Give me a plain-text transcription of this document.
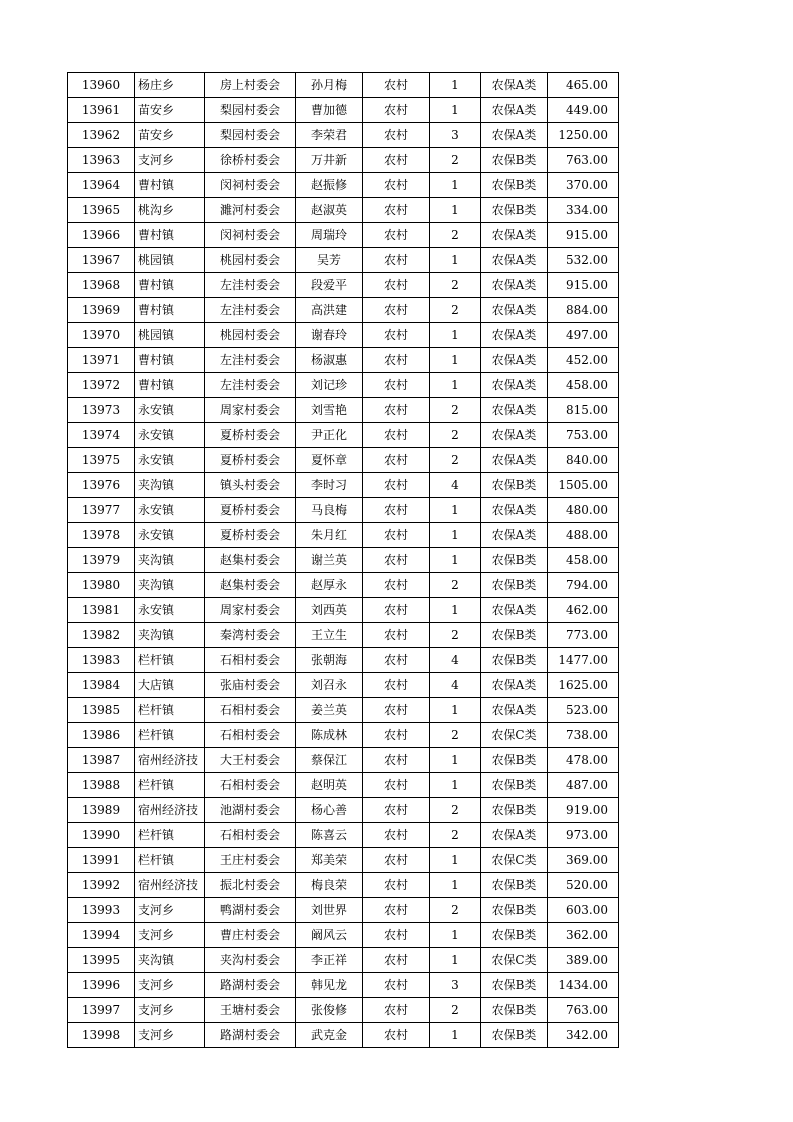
13960	杨庄乡	房上村委会	孙月梅	农村	1	农保A类	465.00
13961	苗安乡	梨园村委会	曹加德	农村	1	农保A类	449.00
13962	苗安乡	梨园村委会	李荣君	农村	3	农保A类	1250.00
13963	支河乡	徐桥村委会	万井新	农村	2	农保B类	763.00
13964	曹村镇	闵祠村委会	赵振修	农村	1	农保B类	370.00
13965	桃沟乡	濉河村委会	赵淑英	农村	1	农保B类	334.00
13966	曹村镇	闵祠村委会	周瑞玲	农村	2	农保A类	915.00
13967	桃园镇	桃园村委会	吴芳	农村	1	农保A类	532.00
13968	曹村镇	左洼村委会	段爱平	农村	2	农保A类	915.00
13969	曹村镇	左洼村委会	高洪建	农村	2	农保A类	884.00
13970	桃园镇	桃园村委会	谢春玲	农村	1	农保A类	497.00
13971	曹村镇	左洼村委会	杨淑惠	农村	1	农保A类	452.00
13972	曹村镇	左洼村委会	刘记珍	农村	1	农保A类	458.00
13973	永安镇	周家村委会	刘雪艳	农村	2	农保A类	815.00
13974	永安镇	夏桥村委会	尹正化	农村	2	农保A类	753.00
13975	永安镇	夏桥村委会	夏怀章	农村	2	农保A类	840.00
13976	夹沟镇	镇头村委会	李时习	农村	4	农保B类	1505.00
13977	永安镇	夏桥村委会	马良梅	农村	1	农保A类	480.00
13978	永安镇	夏桥村委会	朱月红	农村	1	农保A类	488.00
13979	夹沟镇	赵集村委会	谢兰英	农村	1	农保B类	458.00
13980	夹沟镇	赵集村委会	赵厚永	农村	2	农保B类	794.00
13981	永安镇	周家村委会	刘西英	农村	1	农保A类	462.00
13982	夹沟镇	秦湾村委会	王立生	农村	2	农保B类	773.00
13983	栏杆镇	石相村委会	张朝海	农村	4	农保B类	1477.00
13984	大店镇	张庙村委会	刘召永	农村	4	农保A类	1625.00
13985	栏杆镇	石相村委会	姜兰英	农村	1	农保A类	523.00
13986	栏杆镇	石相村委会	陈成林	农村	2	农保C类	738.00
13987	宿州经济技	大王村委会	蔡保江	农村	1	农保B类	478.00
13988	栏杆镇	石相村委会	赵明英	农村	1	农保B类	487.00
13989	宿州经济技	池湖村委会	杨心善	农村	2	农保B类	919.00
13990	栏杆镇	石相村委会	陈喜云	农村	2	农保A类	973.00
13991	栏杆镇	王庄村委会	郑美荣	农村	1	农保C类	369.00
13992	宿州经济技	振北村委会	梅良荣	农村	1	农保B类	520.00
13993	支河乡	鸭湖村委会	刘世界	农村	2	农保B类	603.00
13994	支河乡	曹庄村委会	阚风云	农村	1	农保B类	362.00
13995	夹沟镇	夹沟村委会	李正祥	农村	1	农保C类	389.00
13996	支河乡	路湖村委会	韩见龙	农村	3	农保B类	1434.00
13997	支河乡	王塘村委会	张俊修	农村	2	农保B类	763.00
13998	支河乡	路湖村委会	武克金	农村	1	农保B类	342.00
